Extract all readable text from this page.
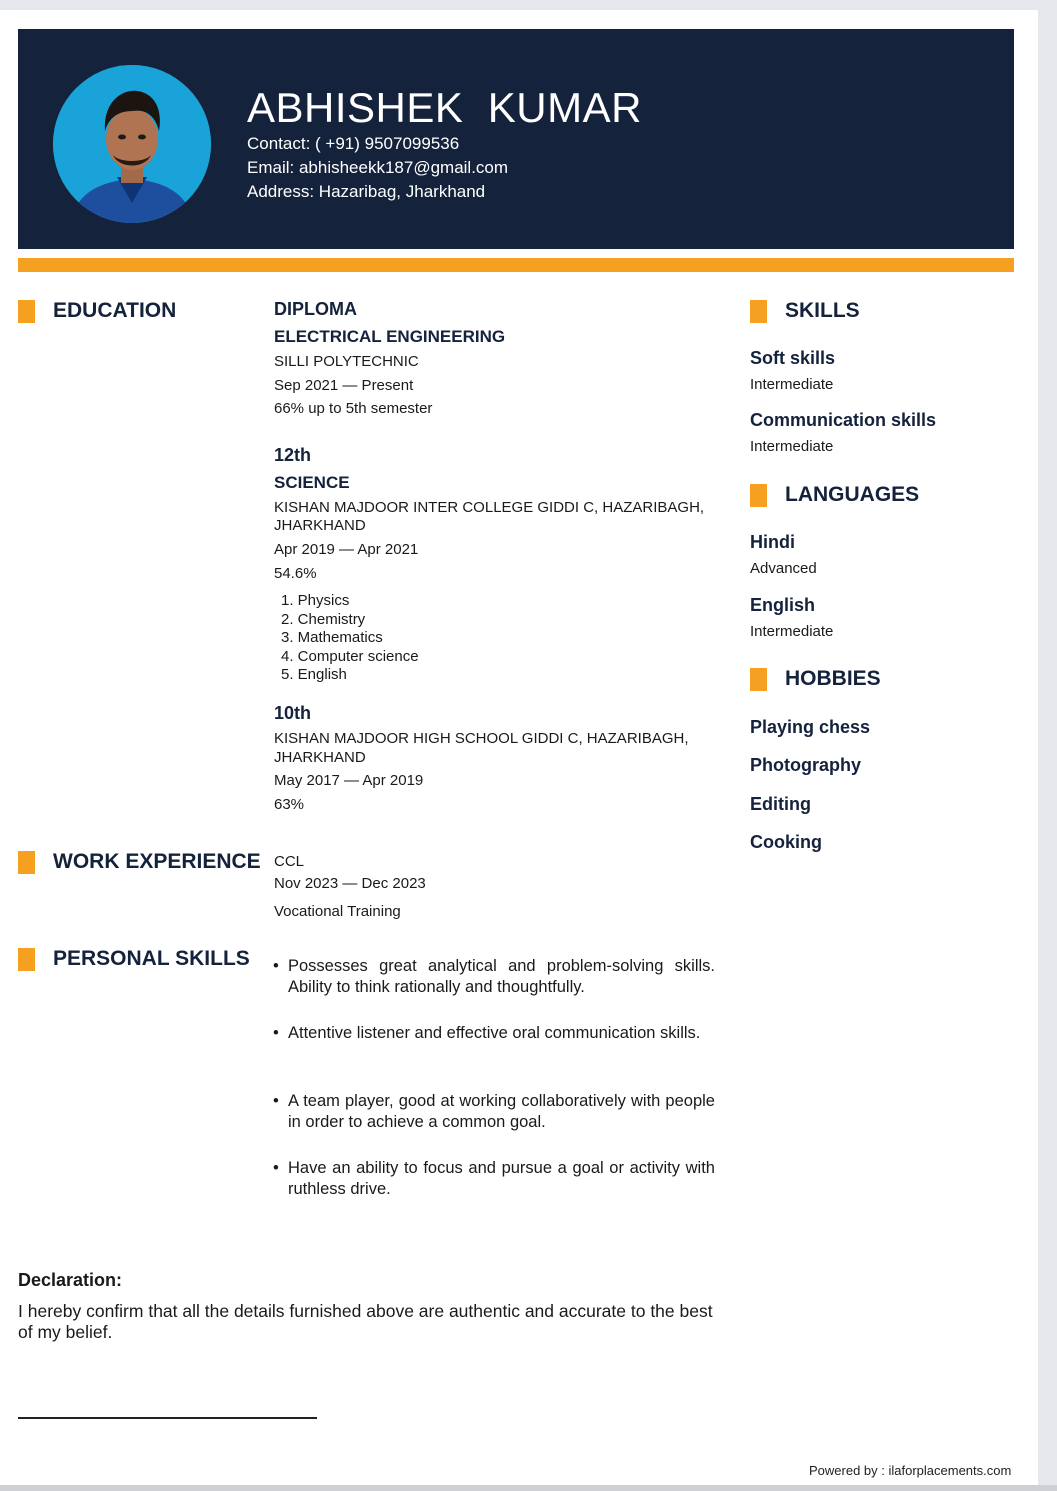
ABHISHEK  KUMAR
Contact: ( +91) 9507099536
Email: abhisheekk187@gmail.com
Address: Hazaribag, Jharkhand
EDUCATION
WORK EXPERIENCE
PERSONAL SKILLS
DIPLOMA
ELECTRICAL ENGINEERING
SILLI POLYTECHNIC
Sep 2021 — Present
66% up to 5th semester
12th
SCIENCE
KISHAN MAJDOOR INTER COLLEGE GIDDI C, HAZARIBAGH,
JHARKHAND
Apr 2019 — Apr 2021
54.6%
1. Physics
2. Chemistry
3. Mathematics
4. Computer science
5. English
10th
KISHAN MAJDOOR HIGH SCHOOL GIDDI C, HAZARIBAGH,
JHARKHAND
May 2017 — Apr 2019
63%
CCL
Nov 2023 — Dec 2023
Vocational Training
• Possesses great analytical and problem-solving skills. Ability to think rationally and thoughtfully.
• Attentive listener and effective oral communication skills.
• A team player, good at working collaboratively with people in order to achieve a common goal.
• Have an ability to focus and pursue a goal or activity with ruthless drive.
SKILLS
Soft skills
Intermediate
Communication skills
Intermediate
LANGUAGES
Hindi
Advanced
English
Intermediate
HOBBIES
Playing chess
Photography
Editing
Cooking
Declaration:
I hereby confirm that all the details furnished above are authentic and accurate to the best of my belief.
Powered by : ilaforplacements.com
